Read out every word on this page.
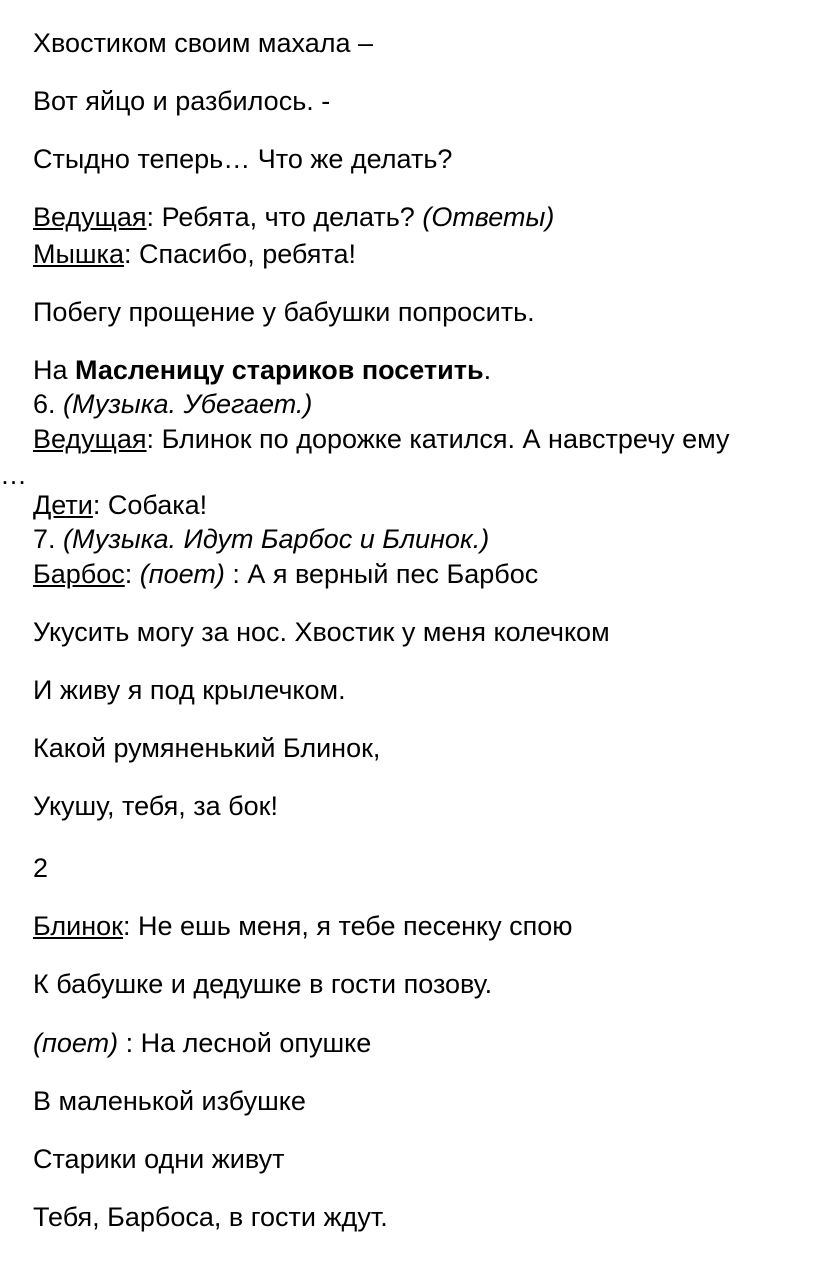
Хвостиком своим махала –
Вот яйцо и разбилось. -
Стыдно теперь… Что же делать?
Ведущая: Ребята, что делать? (Ответы)
Мышка: Спасибо, ребята!
Побегу прощение у бабушки попросить.
На Масленицу стариков посетить.
6. (Музыка. Убегает.)
Ведущая: Блинок по дорожке катился. А навстречу ему
…
Дети: Собака!
7. (Музыка. Идут Барбос и Блинок.)
Барбос: (поет) : А я верный пес Барбос
Укусить могу за нос. Хвостик у меня колечком
И живу я под крылечком.
Какой румяненький Блинок,
Укушу, тебя, за бок!
2
Блинок: Не ешь меня, я тебе песенку спою
К бабушке и дедушке в гости позову.
(поет) : На лесной опушке
В маленькой избушке
Старики одни живут
Тебя, Барбоса, в гости ждут.
